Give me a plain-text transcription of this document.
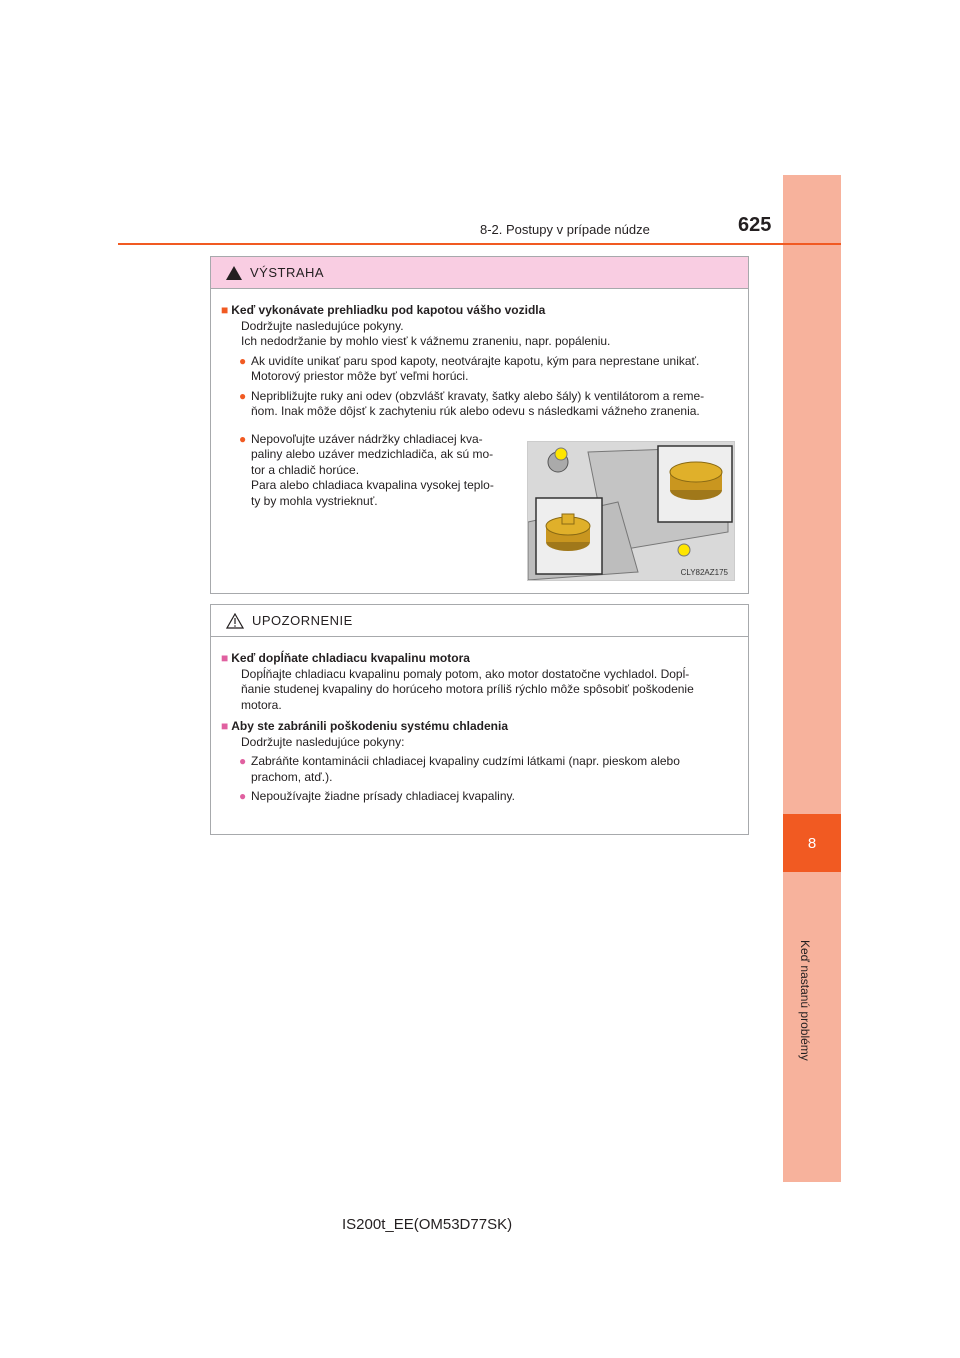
8
Keď nastanú problémy
8-2. Postupy v prípade núdze	625
VÝSTRAHA
■ Keď vykonávate prehliadku pod kapotou vášho vozidla
Dodržujte nasledujúce pokyny.
Ich nedodržanie by mohlo viesť k vážnemu zraneniu, napr. popáleniu.
● Ak uvidíte unikať paru spod kapoty, neotvárajte kapotu, kým para neprestane unikať.
Motorový priestor môže byť veľmi horúci.
● Nepribližujte ruky ani odev (obzvlášť kravaty, šatky alebo šály) k ventilátorom a reme-
ňom. Inak môže dôjsť k zachyteniu rúk alebo odevu s následkami vážneho zranenia.
● Nepovoľujte uzáver nádržky chladiacej kva-
paliny alebo uzáver medzichladiča, ak sú mo-
tor a chladič horúce.
Para alebo chladiaca kvapalina vysokej teplo-
ty by mohla vystrieknuť.
CLY82AZ175
UPOZORNENIE
■ Keď dopĺňate chladiacu kvapalinu motora
Dopĺňajte chladiacu kvapalinu pomaly potom, ako motor dostatočne vychladol. Dopĺ-
ňanie studenej kvapaliny do horúceho motora príliš rýchlo môže spôsobiť poškodenie
motora.
■ Aby ste zabránili poškodeniu systému chladenia
Dodržujte nasledujúce pokyny:
● Zabráňte kontaminácii chladiacej kvapaliny cudzími látkami (napr. pieskom alebo
prachom, atď.).
● Nepoužívajte žiadne prísady chladiacej kvapaliny.
IS200t_EE(OM53D77SK)
